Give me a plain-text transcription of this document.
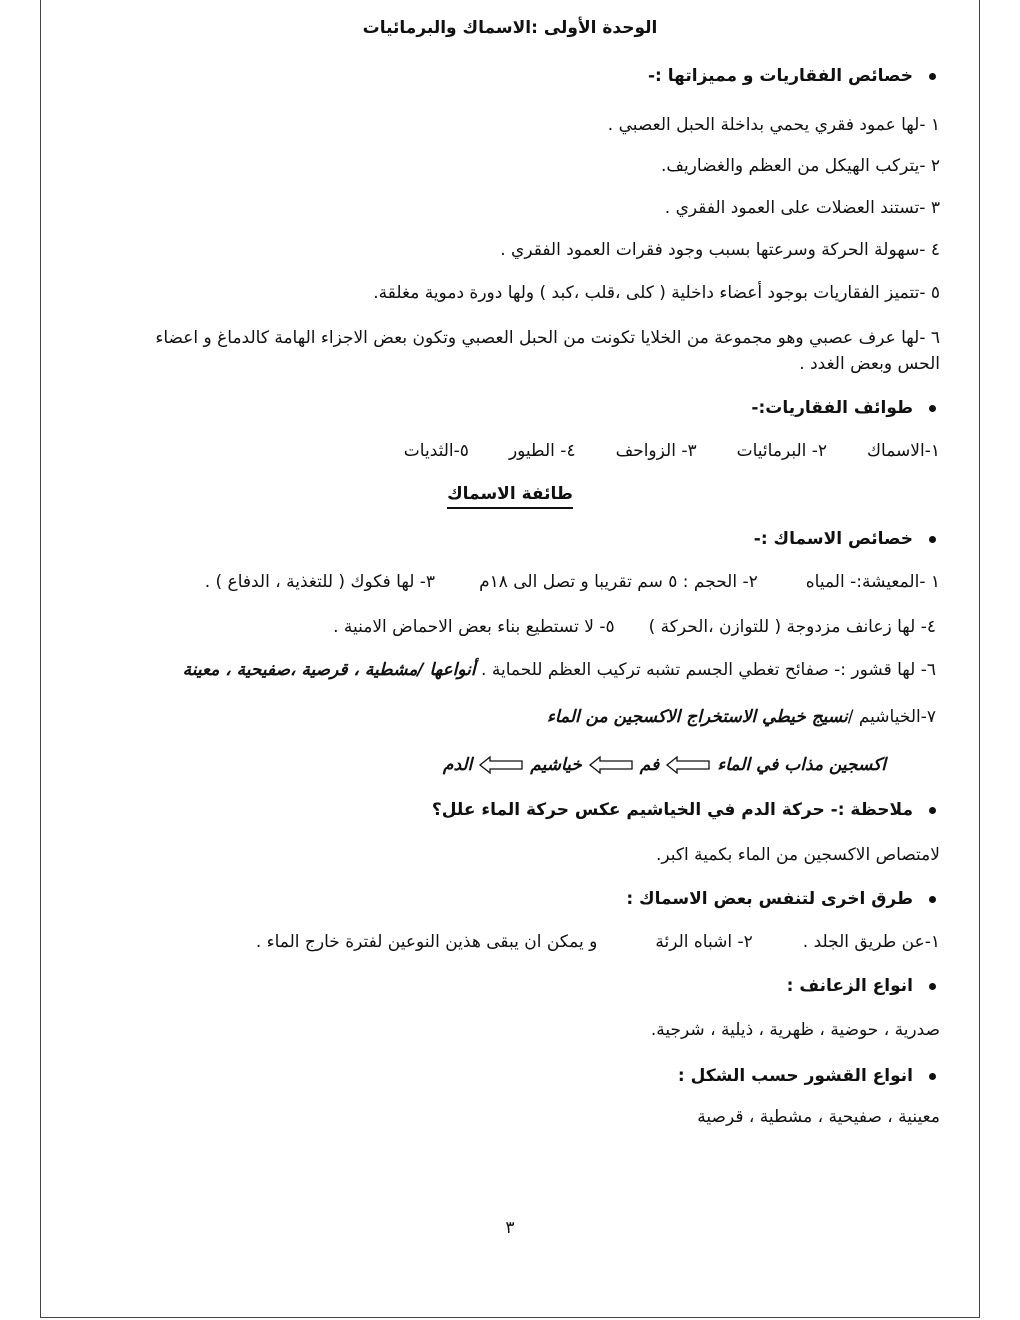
الوحدة الأولى :الاسماك والبرمائيات
خصائص الفقاريات و مميزاتها :-
١ -لها عمود فقري يحمي بداخلة الحبل العصبي .
٢ -يتركب الهيكل من العظم والغضاريف.
٣ -تستند العضلات على العمود الفقري .
٤ -سهولة الحركة وسرعتها بسبب وجود فقرات العمود الفقري .
٥ -تتميز الفقاريات بوجود أعضاء داخلية ( كلى ،قلب ،كبد ) ولها دورة دموية مغلقة.
٦ -لها عرف عصبي وهو مجموعة من الخلايا تكونت من الحبل العصبي وتكون بعض الاجزاء الهامة كالدماغ و اعضاء الحس وبعض الغدد .
طوائف الفقاريات:-
١-الاسماك
٢- البرمائيات
٣- الزواحف
٤- الطيور
٥-الثديات
طائفة الاسماك
خصائص الاسماك :-
١ -المعيشة:- المياه
٢- الحجم : ٥ سم تقريبا و تصل الى ١٨م
٣- لها فكوك ( للتغذية ، الدفاع ) .
٤- لها زعانف مزدوجة ( للتوازن ،الحركة )
٥- لا تستطيع بناء بعض الاحماض الامنية .
٦- لها قشور :- صفائح تغطي الجسم تشبه تركيب العظم للحماية . أنواعها /مشطية ، قرصية ،صفيحية ، معينة
٧-الخياشيم /نسيج خيطي الاستخراج الاكسجين من الماء
اكسجين مذاب في الماء
فم
خياشيم
الدم
ملاحظة :- حركة الدم في الخياشيم عكس حركة الماء علل؟
لامتصاص الاكسجين من الماء بكمية اكبر.
طرق اخرى لتنفس بعض الاسماك :
١-عن طريق الجلد .
٢- اشباه الرئة
و يمكن ان يبقى هذين النوعين لفترة خارج الماء .
انواع الزعانف :
صدرية ، حوضية ، ظهرية ، ذيلية ، شرجية.
انواع القشور حسب الشكل :
معينية ، صفيحية ، مشطية ، قرصية
٣
